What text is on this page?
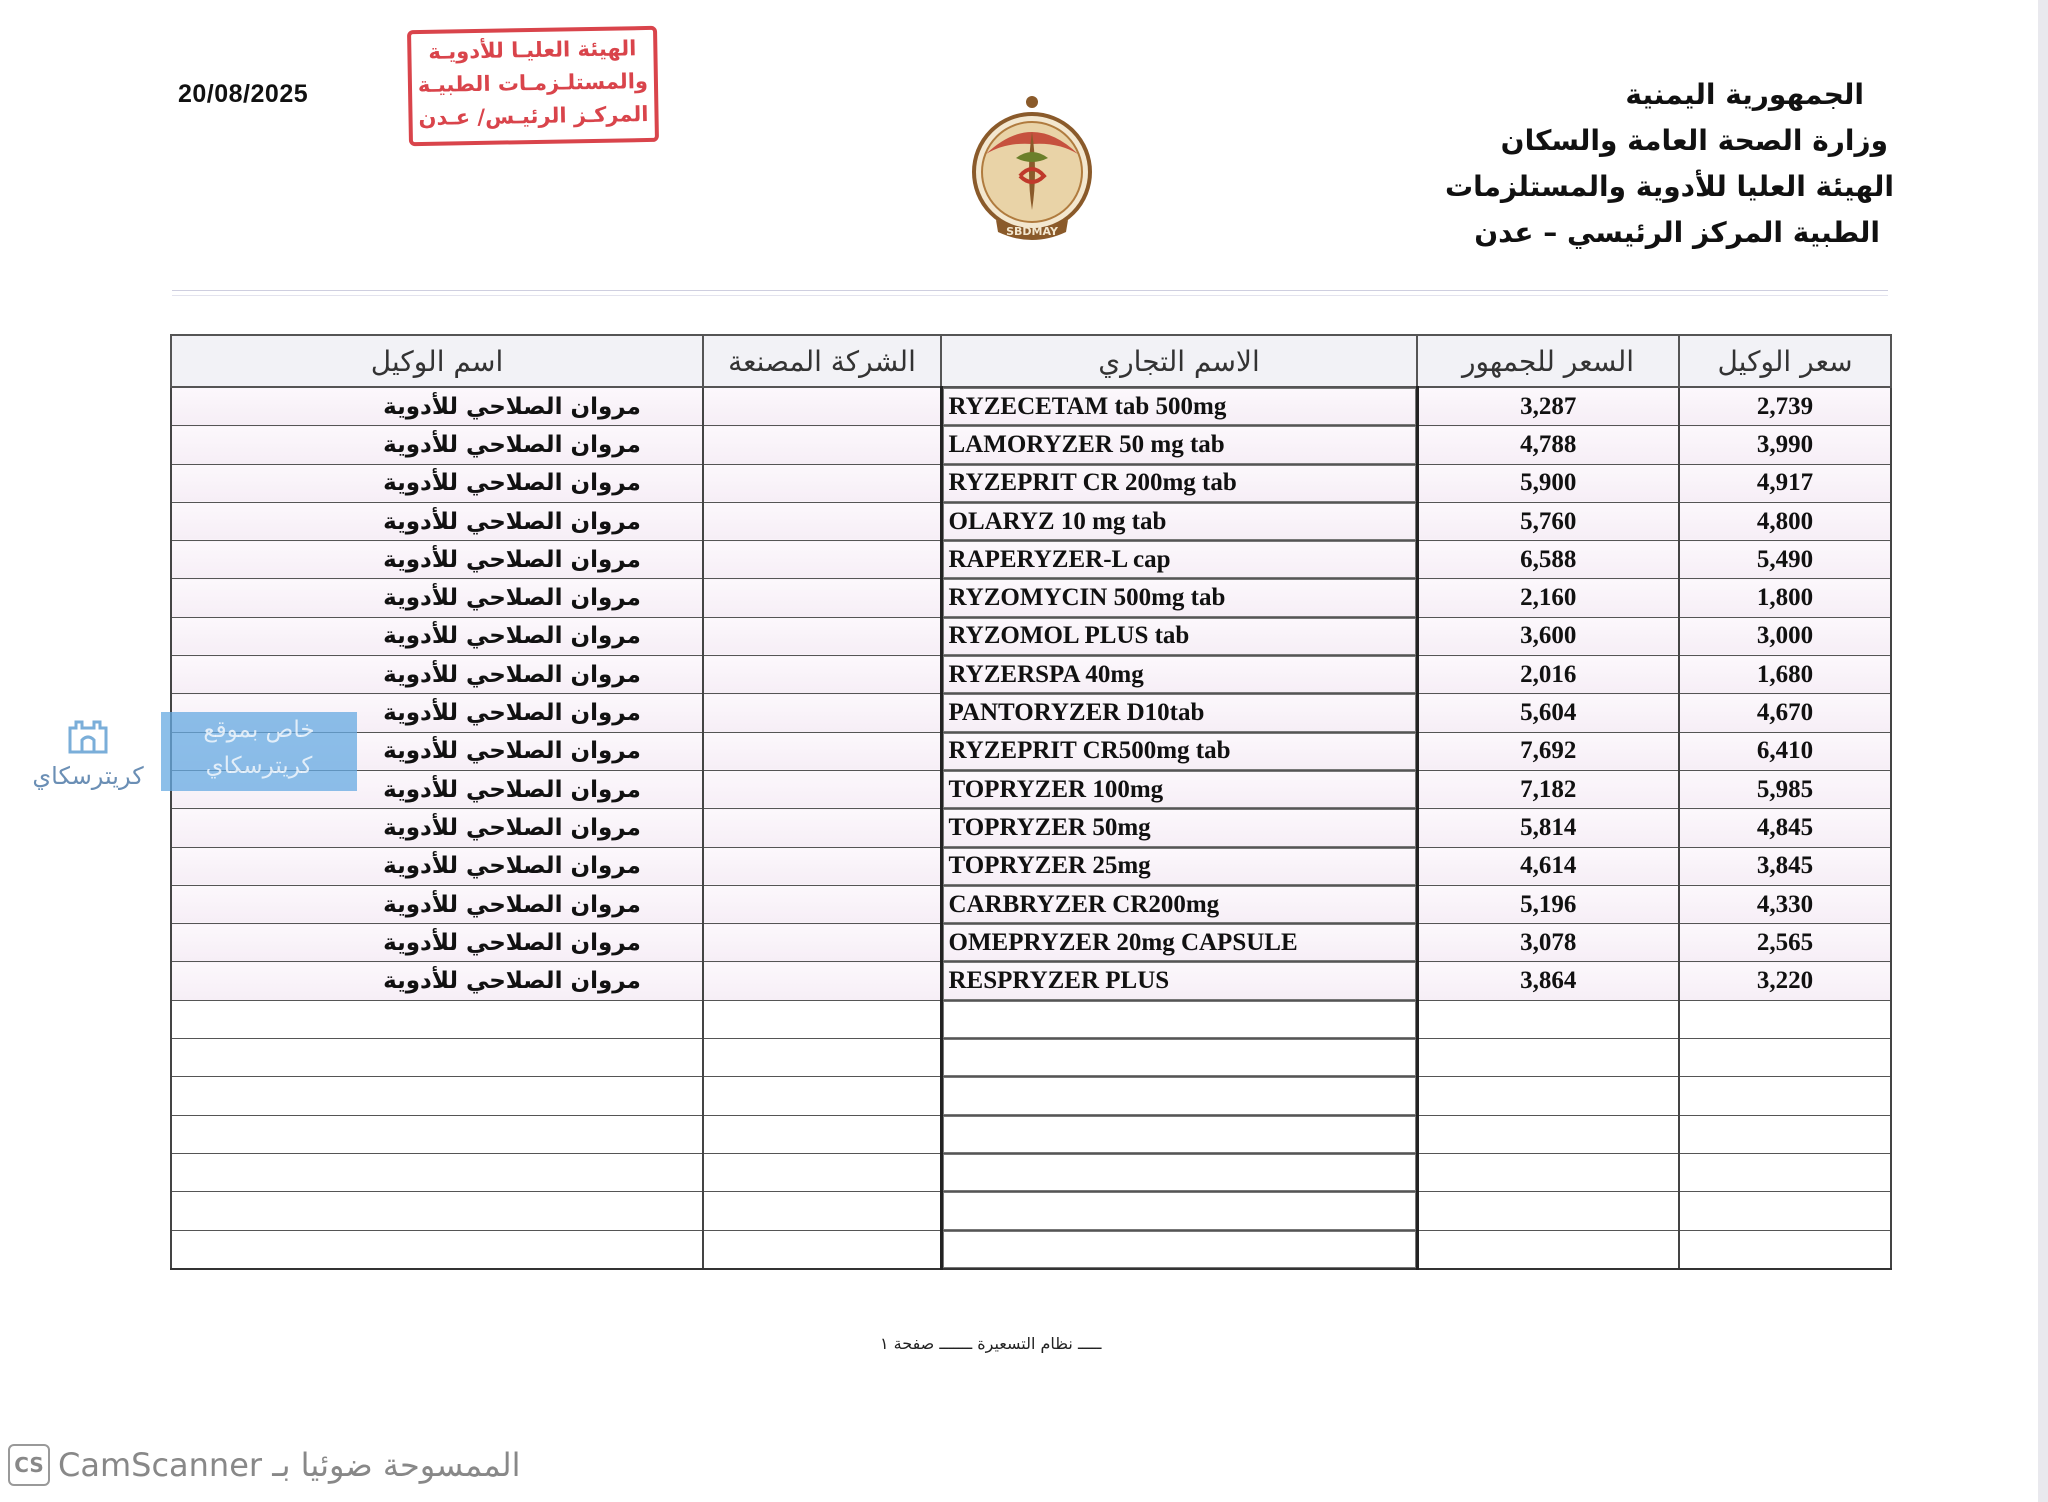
20/08/2025
الهيئة العليـا للأدويـة
والمستلـزمـات الطبيـة
المركـز الرئيـس/ عـدن
SBDMAY
الجمهورية اليمنية
وزارة الصحة العامة والسكان
الهيئة العليا للأدوية والمستلزمات
الطبية المركز الرئيسي – عدن
سعر الوكيل	السعر للجمهور	الاسم التجاري	الشركة المصنعة	اسم الوكيل
2,739	3,287	RYZECETAM tab 500mg		مروان الصلاحي للأدوية
3,990	4,788	LAMORYZER 50 mg tab		مروان الصلاحي للأدوية
4,917	5,900	RYZEPRIT CR 200mg tab		مروان الصلاحي للأدوية
4,800	5,760	OLARYZ 10 mg tab		مروان الصلاحي للأدوية
5,490	6,588	RAPERYZER-L cap		مروان الصلاحي للأدوية
1,800	2,160	RYZOMYCIN 500mg tab		مروان الصلاحي للأدوية
3,000	3,600	RYZOMOL PLUS tab		مروان الصلاحي للأدوية
1,680	2,016	RYZERSPA 40mg		مروان الصلاحي للأدوية
4,670	5,604	PANTORYZER D10tab		مروان الصلاحي للأدوية
6,410	7,692	RYZEPRIT CR500mg tab		مروان الصلاحي للأدوية
5,985	7,182	TOPRYZER 100mg		مروان الصلاحي للأدوية
4,845	5,814	TOPRYZER 50mg		مروان الصلاحي للأدوية
3,845	4,614	TOPRYZER 25mg		مروان الصلاحي للأدوية
4,330	5,196	CARBRYZER CR200mg		مروان الصلاحي للأدوية
2,565	3,078	OMEPRYZER 20mg CAPSULE		مروان الصلاحي للأدوية
3,220	3,864	RESPRYZER PLUS		مروان الصلاحي للأدوية

كريترسكاي
خاص بموقع
كريترسكاي
ـــــ نظام التسعيرة ـــــــ صفحة ١
CS الممسوحة ضوئيا بـ CamScanner
